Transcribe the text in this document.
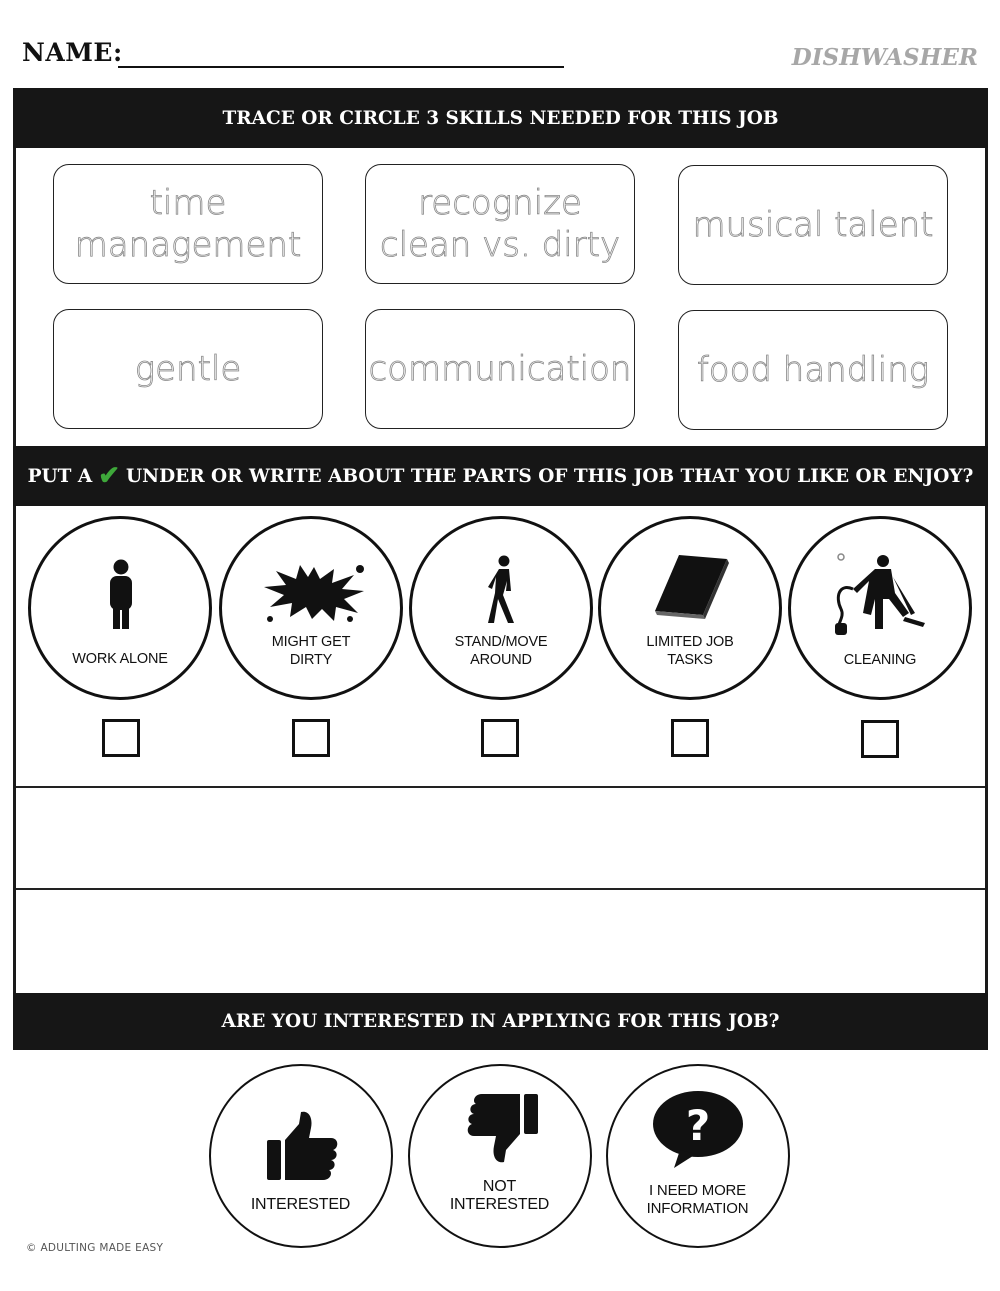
NAME:	DISHWASHER
TRACE OR CIRCLE 3 SKILLS NEEDED FOR THIS JOB
time
management
recognize
clean vs. dirty musical talent
gentle	communication food handling
PUT A ✔ UNDER OR WRITE ABOUT THE PARTS OF THIS JOB THAT YOU LIKE OR ENJOY?
WORK ALONE
MIGHT GET
DIRTY
STAND/MOVE
AROUND
LIMITED JOB
TASKS	CLEANING
ARE YOU INTERESTED IN APPLYING FOR THIS JOB?
INTERESTED
NOT
INTERESTED
?
I NEED MORE
INFORMATION
© ADULTING MADE EASY
